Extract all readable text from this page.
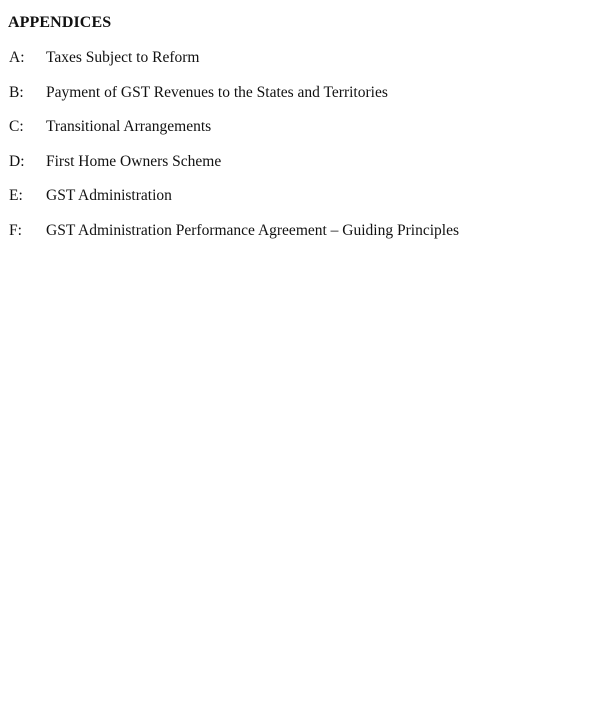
APPENDICES
A: Taxes Subject to Reform
B: Payment of GST Revenues to the States and Territories
C: Transitional Arrangements
D: First Home Owners Scheme
E: GST Administration
F: GST Administration Performance Agreement – Guiding Principles
